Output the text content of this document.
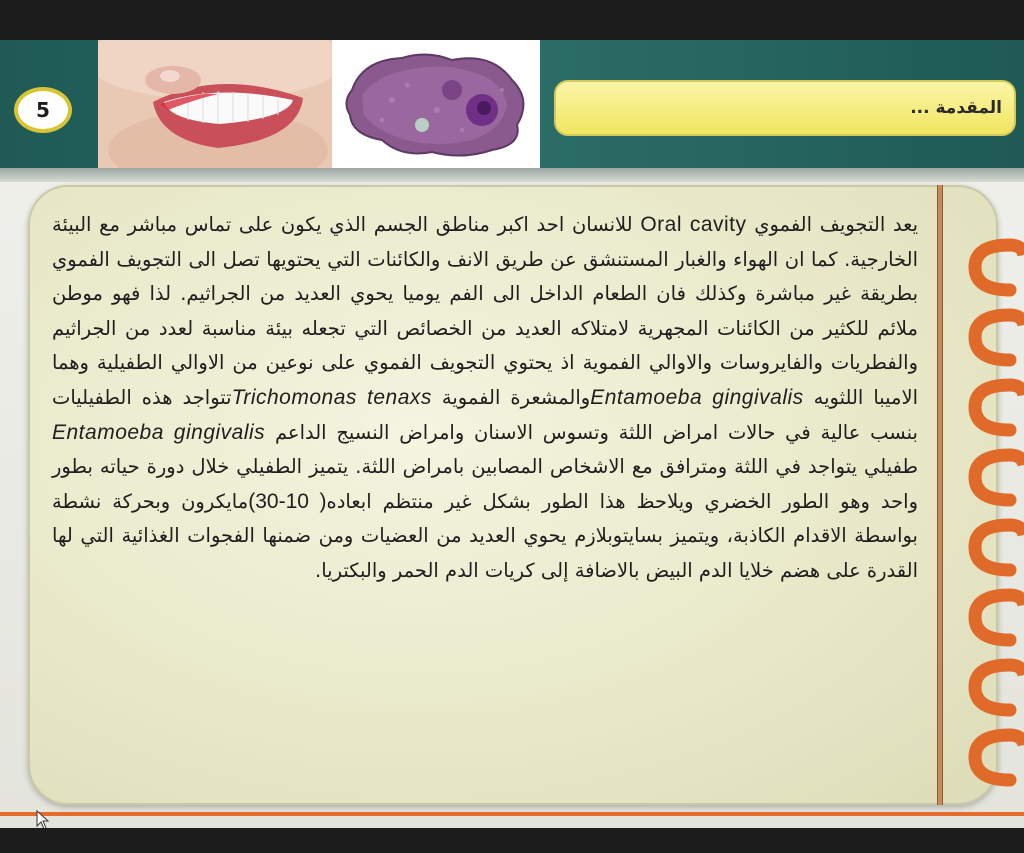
5	المقدمة ...
يعد التجويف الفموي Oral cavity للانسان احد اكبر مناطق الجسم الذي يكون على تماس مباشر مع البيئة الخارجية. كما ان الهواء والغبار المستنشق عن طريق الانف والكائنات التي يحتويها تصل الى التجويف الفموي بطريقة غير مباشرة وكذلك فان الطعام الداخل الى الفم يوميا يحوي العديد من الجراثيم. لذا فهو موطن ملائم للكثير من الكائنات المجهرية لامتلاكه العديد من الخصائص التي تجعله بيئة مناسبة لعدد من الجراثيم والفطريات والفايروسات والاوالي الفموية اذ يحتوي التجويف الفموي على نوعين من الاوالي الطفيلية وهما الاميبا اللثويه Entamoeba gingivalisوالمشعرة الفموية Trichomonas tenaxsتتواجد هذه الطفيليات بنسب عالية في حالات امراض اللثة وتسوس الاسنان وامراض النسيج الداعم Entamoeba gingivalis طفيلي يتواجد في اللثة ومترافق مع الاشخاص المصابين بامراض اللثة. يتميز الطفيلي خلال دورة حياته بطور واحد وهو الطور الخضري ويلاحظ هذا الطور بشكل غير منتظم ابعاده( 10-30)مايكرون وبحركة نشطة بواسطة الاقدام الكاذبة، ويتميز بسايتوبلازم يحوي العديد من العضيات ومن ضمنها الفجوات الغذائية التي لها القدرة على هضم خلايا الدم البيض بالاضافة إلى كريات الدم الحمر والبكتريا.
